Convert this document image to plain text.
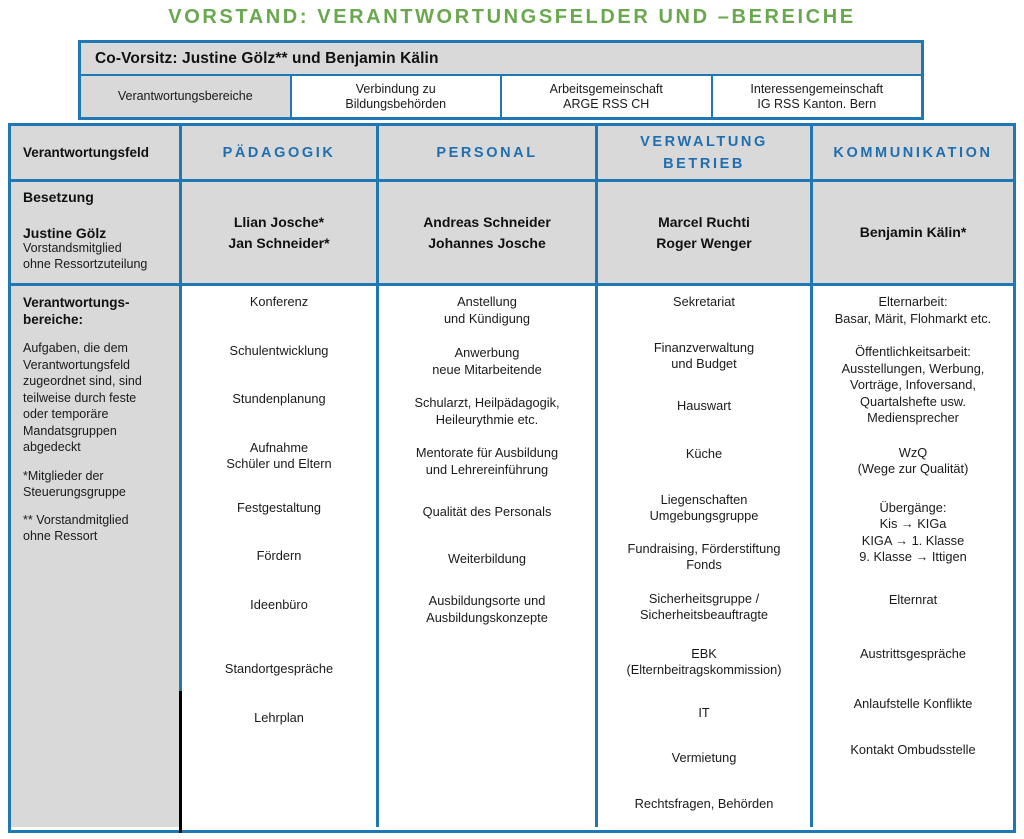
VORSTAND: VERANTWORTUNGSFELDER UND –BEREICHE
Co-Vorsitz: Justine Gölz** und Benjamin Kälin
Verantwortungsbereiche
Verbindung zu
Bildungsbehörden
Arbeitsgemeinschaft
ARGE RSS CH
Interessengemeinschaft
IG RSS Kanton. Bern
Verantwortungsfeld	PÄDAGOGIK	PERSONAL
VERWALTUNG
BETRIEB
KOMMUNIKATION
Besetzung
Justine Gölz
Vorstandsmitglied
ohne Ressortzuteilung
Llian Josche*
Jan Schneider*
Andreas Schneider
Johannes Josche
Marcel Ruchti
Roger Wenger
Benjamin Kälin*
Verantwortungs-
bereiche:
Aufgaben, die dem
Verantwortungsfeld
zugeordnet sind, sind
teilweise durch feste
oder temporäre
Mandatsgruppen
abgedeckt
*Mitglieder der
Steuerungsgruppe
** Vorstandmitglied
ohne Ressort
Konferenz
Schulentwicklung
Stundenplanung
Aufnahme
Schüler und Eltern
Festgestaltung
Fördern
Ideenbüro
Standortgespräche
Lehrplan
Anstellung
und Kündigung
Anwerbung
neue Mitarbeitende
Schularzt, Heilpädagogik,
Heileurythmie etc.
Mentorate für Ausbildung
und Lehrereinführung
Qualität des Personals
Weiterbildung
Ausbildungsorte und
Ausbildungskonzepte
Sekretariat
Finanzverwaltung
und Budget
Hauswart
Küche
Liegenschaften
Umgebungsgruppe
Fundraising, Förderstiftung
Fonds
Sicherheitsgruppe /
Sicherheitsbeauftragte
EBK
(Elternbeitragskommission)
IT
Vermietung
Rechtsfragen, Behörden
Elternarbeit:
Basar, Märit, Flohmarkt etc.
Öffentlichkeitsarbeit:
Ausstellungen, Werbung,
Vorträge, Infoversand,
Quartalshefte usw.
Mediensprecher
WzQ
(Wege zur Qualität)
Übergänge:
Kis → KIGa
KIGA → 1. Klasse
9. Klasse → Ittigen
Elternrat
Austrittsgespräche
Anlaufstelle Konflikte
Kontakt Ombudsstelle
